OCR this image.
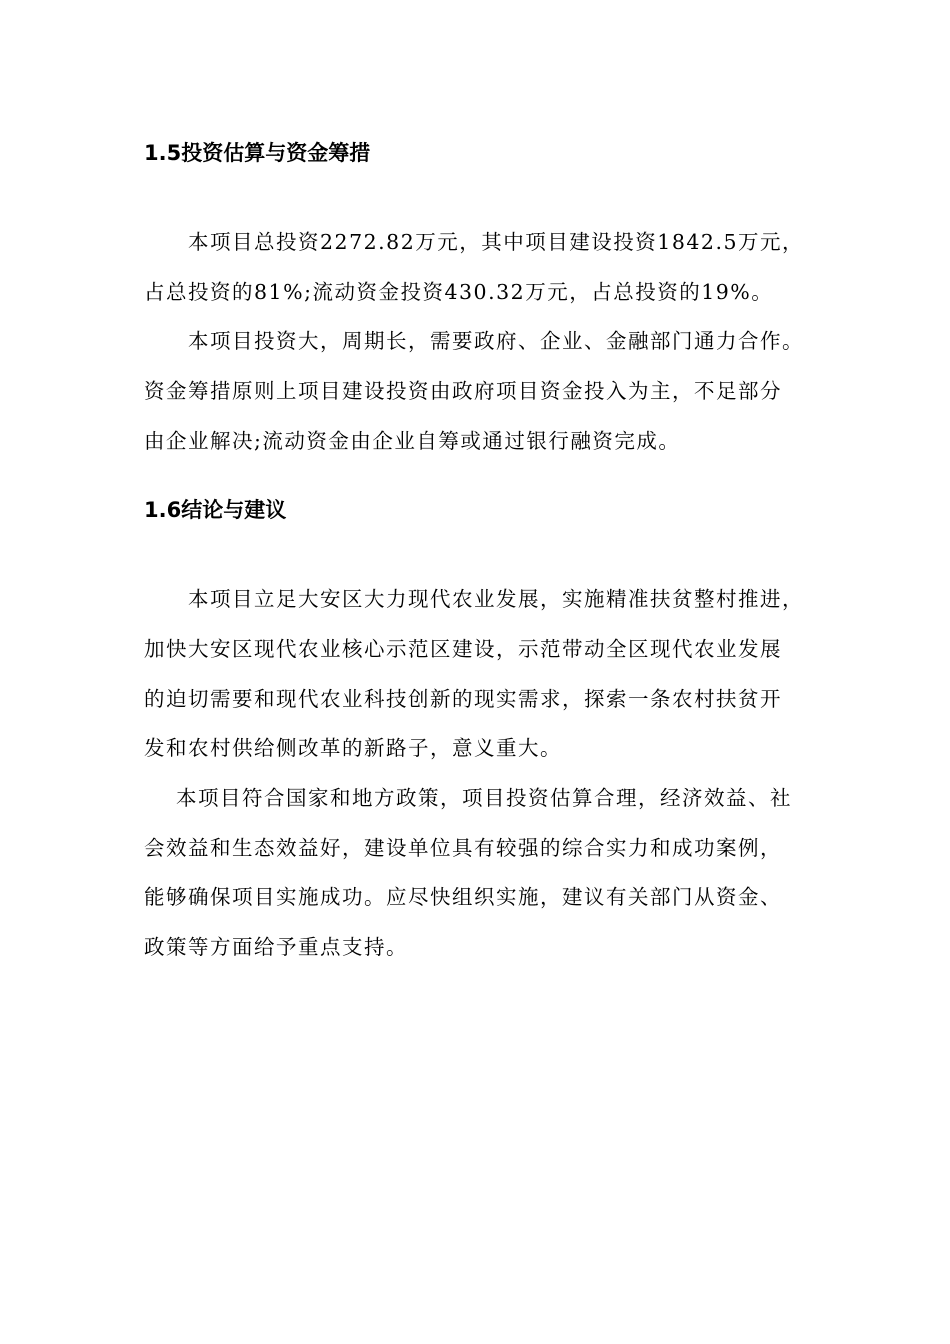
1.5投资估算与资金筹措

本项目总投资2272.82万元，其中项目建设投资1842.5万元，

占总投资的81%;流动资金投资430.32万元，占总投资的19%。

本项目投资大，周期长，需要政府、企业、金融部门通力合作。

资金筹措原则上项目建设投资由政府项目资金投入为主，不足部分

由企业解决;流动资金由企业自筹或通过银行融资完成。

1.6结论与建议

本项目立足大安区大力现代农业发展，实施精准扶贫整村推进，

加快大安区现代农业核心示范区建设，示范带动全区现代农业发展

的迫切需要和现代农业科技创新的现实需求，探索一条农村扶贫开

发和农村供给侧改革的新路子，意义重大。

本项目符合国家和地方政策，项目投资估算合理，经济效益、社

会效益和生态效益好，建设单位具有较强的综合实力和成功案例，

能够确保项目实施成功。应尽快组织实施，建议有关部门从资金、

政策等方面给予重点支持。
